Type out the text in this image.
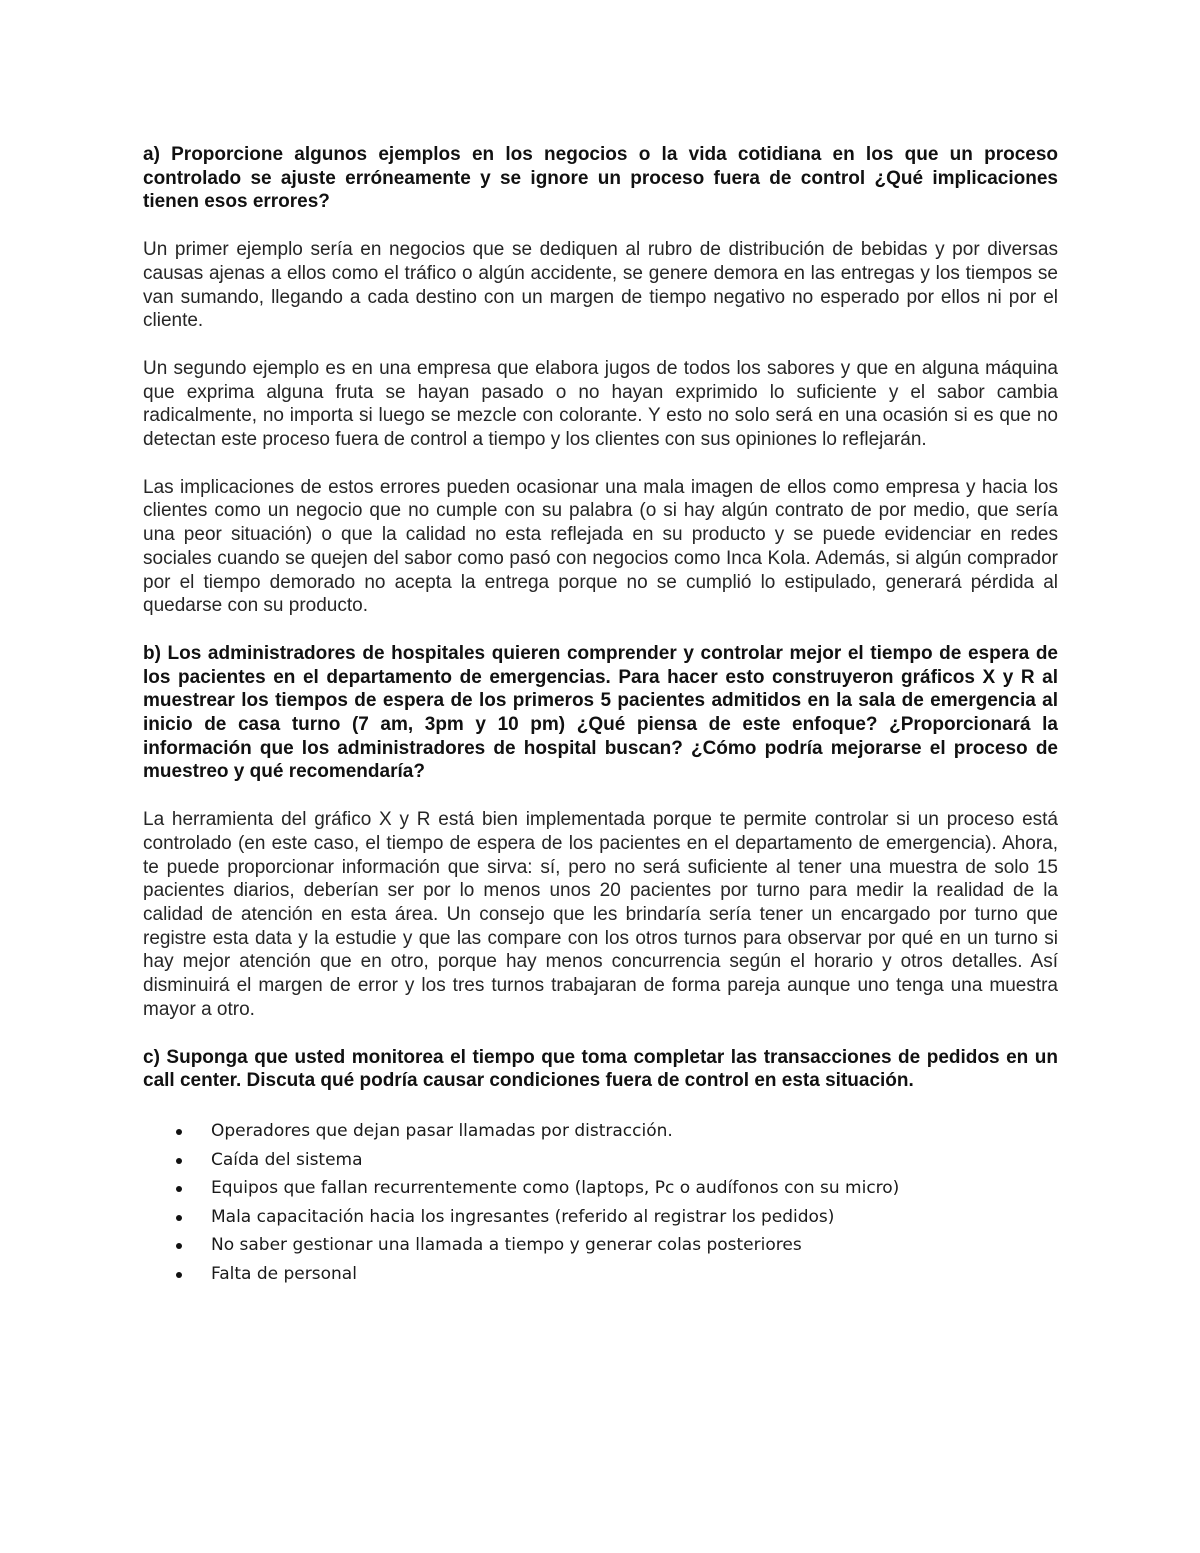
a) Proporcione algunos ejemplos en los negocios o la vida cotidiana en los que un proceso controlado se ajuste erróneamente y se ignore un proceso fuera de control ¿Qué implicaciones tienen esos errores?

Un primer ejemplo sería en negocios que se dediquen al rubro de distribución de bebidas y por diversas causas ajenas a ellos como el tráfico o algún accidente, se genere demora en las entregas y los tiempos se van sumando, llegando a cada destino con un margen de tiempo negativo no esperado por ellos ni por el cliente.

Un segundo ejemplo es en una empresa que elabora jugos de todos los sabores y que en alguna máquina que exprima alguna fruta se hayan pasado o no hayan exprimido lo suficiente y el sabor cambia radicalmente, no importa si luego se mezcle con colorante. Y esto no solo será en una ocasión si es que no detectan este proceso fuera de control a tiempo y los clientes con sus opiniones lo reflejarán.

Las implicaciones de estos errores pueden ocasionar una mala imagen de ellos como empresa y hacia los clientes como un negocio que no cumple con su palabra (o si hay algún contrato de por medio, que sería una peor situación) o que la calidad no esta reflejada en su producto y se puede evidenciar en redes sociales cuando se quejen del sabor como pasó con negocios como Inca Kola. Además, si algún comprador por el tiempo demorado no acepta la entrega porque no se cumplió lo estipulado, generará pérdida al quedarse con su producto.

b) Los administradores de hospitales quieren comprender y controlar mejor el tiempo de espera de los pacientes en el departamento de emergencias. Para hacer esto construyeron gráficos X y R al muestrear los tiempos de espera de los primeros 5 pacientes admitidos en la sala de emergencia al inicio de casa turno (7 am, 3pm y 10 pm) ¿Qué piensa de este enfoque? ¿Proporcionará la información que los administradores de hospital buscan? ¿Cómo podría mejorarse el proceso de muestreo y qué recomendaría?

La herramienta del gráfico X y R está bien implementada porque te permite controlar si un proceso está controlado (en este caso, el tiempo de espera de los pacientes en el departamento de emergencia). Ahora, te puede proporcionar información que sirva: sí, pero no será suficiente al tener una muestra de solo 15 pacientes diarios, deberían ser por lo menos unos 20 pacientes por turno para medir la realidad de la calidad de atención en esta área. Un consejo que les brindaría sería tener un encargado por turno que registre esta data y la estudie y que las compare con los otros turnos para observar por qué en un turno si hay mejor atención que en otro, porque hay menos concurrencia según el horario y otros detalles. Así disminuirá el margen de error y los tres turnos trabajaran de forma pareja aunque uno tenga una muestra mayor a otro.

c) Suponga que usted monitorea el tiempo que toma completar las transacciones de pedidos en un call center. Discuta qué podría causar condiciones fuera de control en esta situación.

Operadores que dejan pasar llamadas por distracción.
Caída del sistema
Equipos que fallan recurrentemente como (laptops, Pc o audífonos con su micro)
Mala capacitación hacia los ingresantes (referido al registrar los pedidos)
No saber gestionar una llamada a tiempo y generar colas posteriores
Falta de personal
